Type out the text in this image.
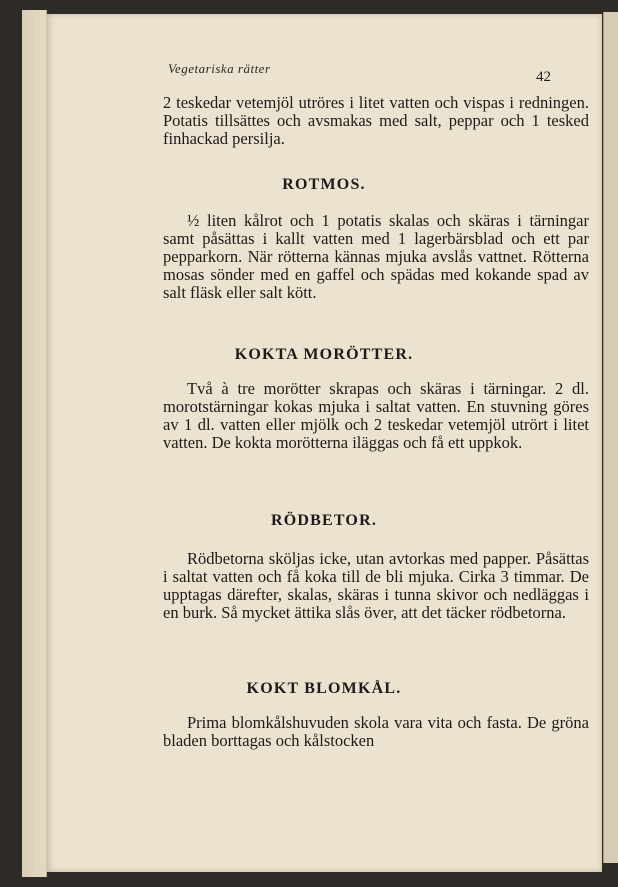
Vegetariska rätter
42

2 teskedar vetemjöl utröres i litet vatten och vispas i redningen. Potatis tillsättes och avsmakas med salt, peppar och 1 tesked finhackad persilja.

ROTMOS.

½ liten kålrot och 1 potatis skalas och skäras i tärningar samt påsättas i kallt vatten med 1 lagerbärsblad och ett par pepparkorn. När rötterna kännas mjuka avslås vattnet. Rötterna mosas sönder med en gaffel och spädas med kokande spad av salt fläsk eller salt kött.

KOKTA MORÖTTER.

Två à tre morötter skrapas och skäras i tärningar. 2 dl. morotstärningar kokas mjuka i saltat vatten. En stuvning göres av 1 dl. vatten eller mjölk och 2 teskedar vetemjöl utrört i litet vatten. De kokta morötterna iläggas och få ett uppkok.

RÖDBETOR.

Rödbetorna sköljas icke, utan avtorkas med papper. Påsättas i saltat vatten och få koka till de bli mjuka. Cirka 3 timmar. De upptagas därefter, skalas, skäras i tunna skivor och nedläggas i en burk. Så mycket ättika slås över, att det täcker rödbetorna.

KOKT BLOMKÅL.

Prima blomkålshuvuden skola vara vita och fasta. De gröna bladen borttagas och kålstocken
